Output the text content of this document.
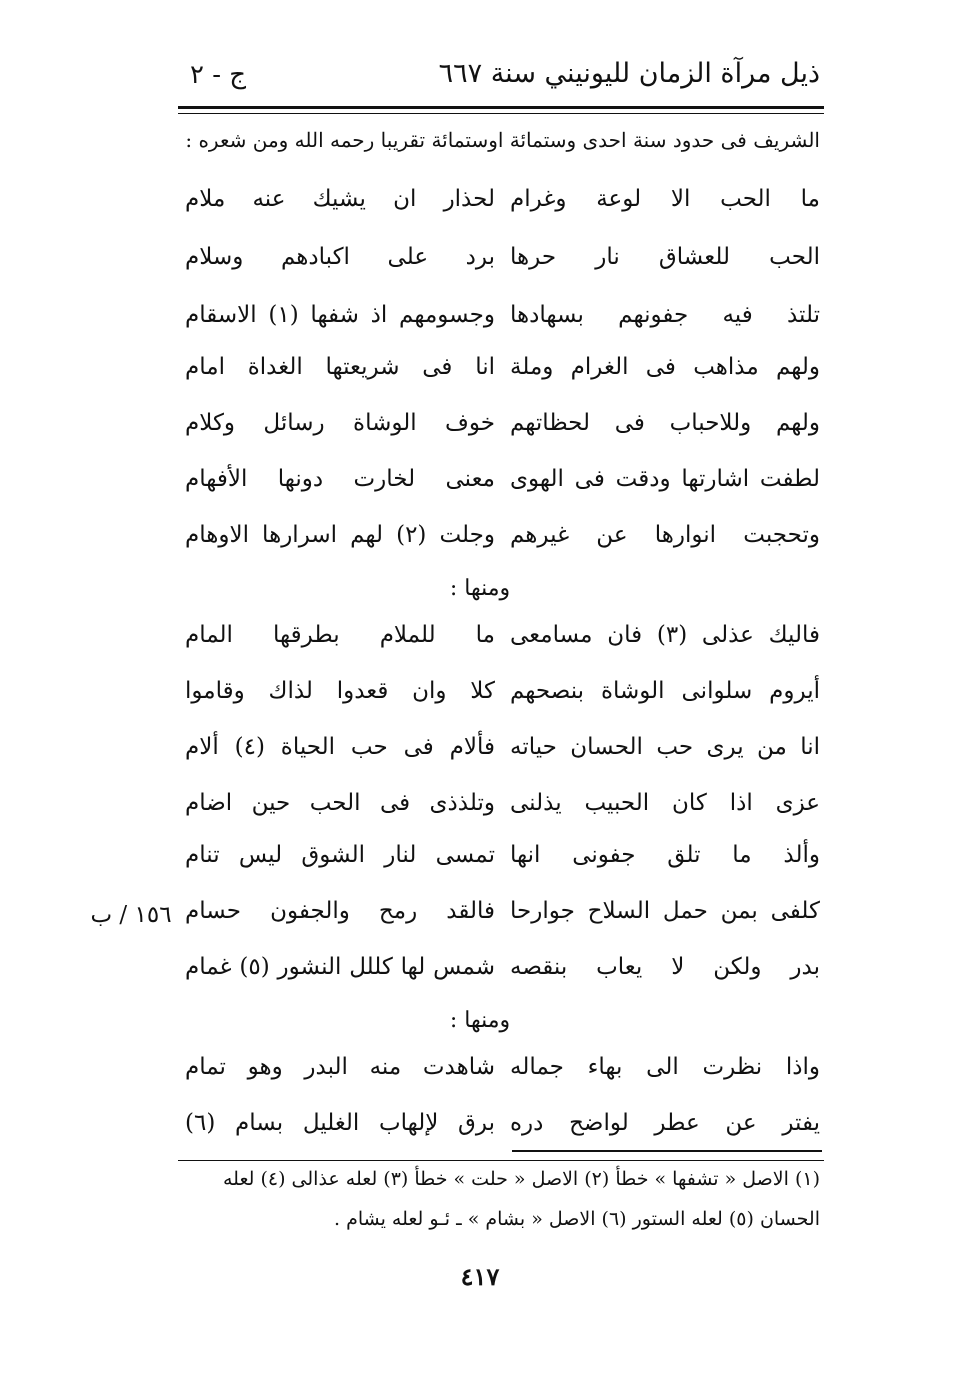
ذيل مرآة الزمان لليونيني سنة ٦٦٧
ج - ٢
الشريف فى حدود سنة احدى وستمائة اوستمائة تقريبا رحمه الله ومن شعره :
ما الحب الا لوعة وغرام
لحذار ان يشيك عنه ملام
الحب للعشاق نار حرها
برد على اكبادهم وسلام
تلتذ فيه جفونهم بسهادها
وجسومهم اذ شفها (١) الاسقام
ولهم مذاهب فى الغرام وملة
انا فى شريعتها الغداة امام
ولهم وللاحباب فى لحظاتهم
خوف الوشاة رسائل وكلام
لطفت اشارتها ودقت فى الهوى
معنى لخارت دونها الأفهام
وتحجبت انوارها عن غيرهم
وجلت (٢) لهم اسرارها الاوهام
ومنها :
فاليك عذلى (٣) فان مسامعى
ما للملام بطرقها المام
أيروم سلوانى الوشاة بنصحهم
كلا وان قعدوا لذاك وقاموا
انا من يرى حب الحسان حياته
فألام فى حب الحياة (٤) ألام
عزى اذا كان الحبيب يذلنى
وتلذذى فى الحب حين اضام
وألذ ما تلق جفونى انها
تمسى لنار الشوق ليس تنام
كلفى بمن حمل السلاح جوارحا
فالقد رمح والجفون حسام
بدر ولكن لا يعاب بنقصه
شمس لها كللل النشور (٥) غمام
١٥٦ / ب
ومنها :
واذا نظرت الى بهاء جماله
شاهدت منه البدر وهو تمام
يفتر عن عطر لواضح دره
برق لإلهاب الغليل بسام (٦)
(١) الاصل « تشفها » خطأ (٢) الاصل « حلت » خطأ (٣) لعله عذالى (٤) لعله
الحسان (٥) لعله الستور (٦) الاصل « بشام » ـ ئـو لعله يشام .
٤١٧
